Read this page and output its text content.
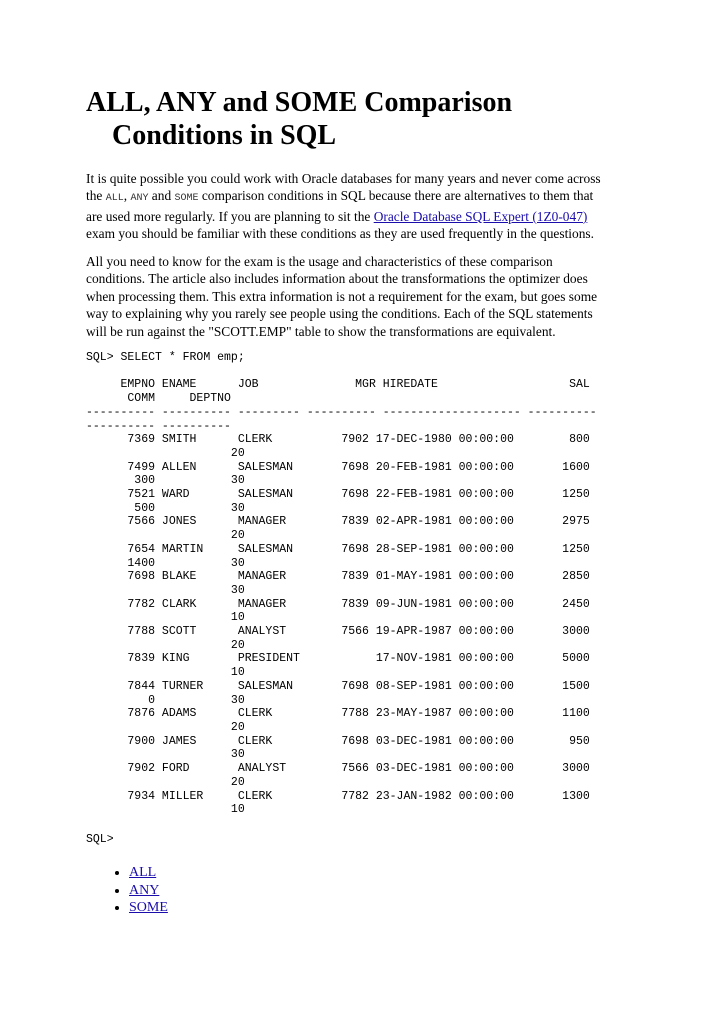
ALL, ANY and SOME Comparison
Conditions in SQL

It is quite possible you could work with Oracle databases for many years and never come across
the ALL, ANY and SOME comparison conditions in SQL because there are alternatives to them that
are used more regularly. If you are planning to sit the Oracle Database SQL Expert (1Z0-047)
exam you should be familiar with these conditions as they are used frequently in the questions.

All you need to know for the exam is the usage and characteristics of these comparison
conditions. The article also includes information about the transformations the optimizer does
when processing them. This extra information is not a requirement for the exam, but goes some
way to explaining why you rarely see people using the conditions. Each of the SQL statements
will be run against the "SCOTT.EMP" table to show the transformations are equivalent.

SQL> SELECT * FROM emp;

EMPNO ENAME      JOB              MGR HIREDATE                   SAL
COMM     DEPTNO
---------- ---------- --------- ---------- -------------------- ----------
---------- ----------
7369 SMITH      CLERK          7902 17-DEC-1980 00:00:00        800
20
7499 ALLEN      SALESMAN       7698 20-FEB-1981 00:00:00       1600
300           30
7521 WARD       SALESMAN       7698 22-FEB-1981 00:00:00       1250
500           30
7566 JONES      MANAGER        7839 02-APR-1981 00:00:00       2975
20
7654 MARTIN     SALESMAN       7698 28-SEP-1981 00:00:00       1250
1400           30
7698 BLAKE      MANAGER        7839 01-MAY-1981 00:00:00       2850
30
7782 CLARK      MANAGER        7839 09-JUN-1981 00:00:00       2450
10
7788 SCOTT      ANALYST        7566 19-APR-1987 00:00:00       3000
20
7839 KING       PRESIDENT           17-NOV-1981 00:00:00       5000
10
7844 TURNER     SALESMAN       7698 08-SEP-1981 00:00:00       1500
0           30
7876 ADAMS      CLERK          7788 23-MAY-1987 00:00:00       1100
20
7900 JAMES      CLERK          7698 03-DEC-1981 00:00:00        950
30
7902 FORD       ANALYST        7566 03-DEC-1981 00:00:00       3000
20
7934 MILLER     CLERK          7782 23-JAN-1982 00:00:00       1300
10
SQL>
• ALL
• ANY
• SOME
